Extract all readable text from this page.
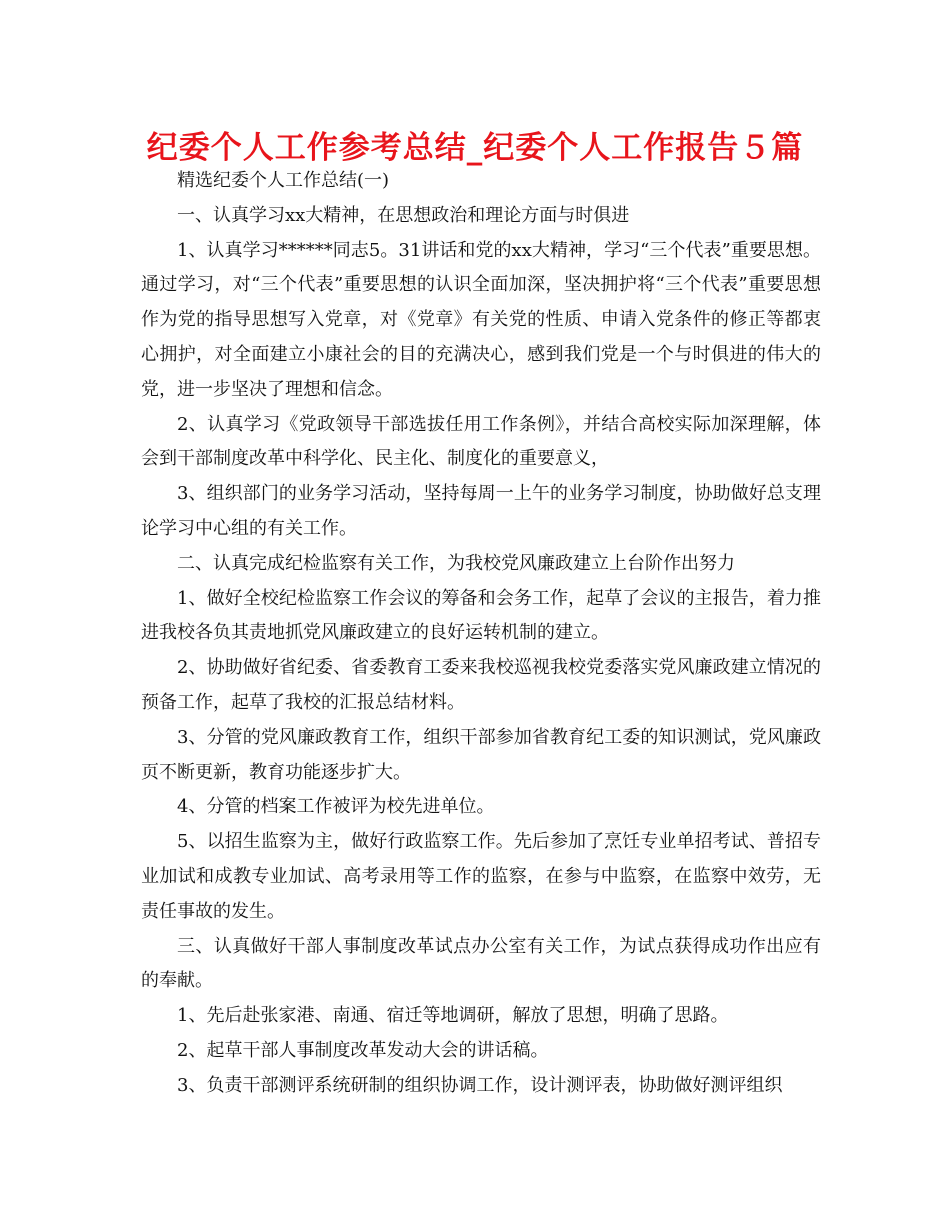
纪委个人工作参考总结_纪委个人工作报告５篇

精选纪委个人工作总结(一)

一、认真学习xx大精神，在思想政治和理论方面与时俱进

1、认真学习******同志5。31讲话和党的xx大精神，学习“三个代表”重要思想。通过学习，对“三个代表”重要思想的认识全面加深，坚决拥护将“三个代表”重要思想作为党的指导思想写入党章，对《党章》有关党的性质、申请入党条件的修正等都衷心拥护，对全面建立小康社会的目的充满决心，感到我们党是一个与时俱进的伟大的党，进一步坚决了理想和信念。

2、认真学习《党政领导干部选拔任用工作条例》，并结合高校实际加深理解，体会到干部制度改革中科学化、民主化、制度化的重要意义，

3、组织部门的业务学习活动，坚持每周一上午的业务学习制度，协助做好总支理论学习中心组的有关工作。

二、认真完成纪检监察有关工作，为我校党风廉政建立上台阶作出努力

1、做好全校纪检监察工作会议的筹备和会务工作，起草了会议的主报告，着力推进我校各负其责地抓党风廉政建立的良好运转机制的建立。

2、协助做好省纪委、省委教育工委来我校巡视我校党委落实党风廉政建立情况的预备工作，起草了我校的汇报总结材料。

3、分管的党风廉政教育工作，组织干部参加省教育纪工委的知识测试，党风廉政页不断更新，教育功能逐步扩大。

4、分管的档案工作被评为校先进单位。

5、以招生监察为主，做好行政监察工作。先后参加了烹饪专业单招考试、普招专业加试和成教专业加试、高考录用等工作的监察，在参与中监察，在监察中效劳，无责任事故的发生。

三、认真做好干部人事制度改革试点办公室有关工作，为试点获得成功作出应有的奉献。

1、先后赴张家港、南通、宿迁等地调研，解放了思想，明确了思路。

2、起草干部人事制度改革发动大会的讲话稿。

3、负责干部测评系统研制的组织协调工作，设计测评表，协助做好测评组织
